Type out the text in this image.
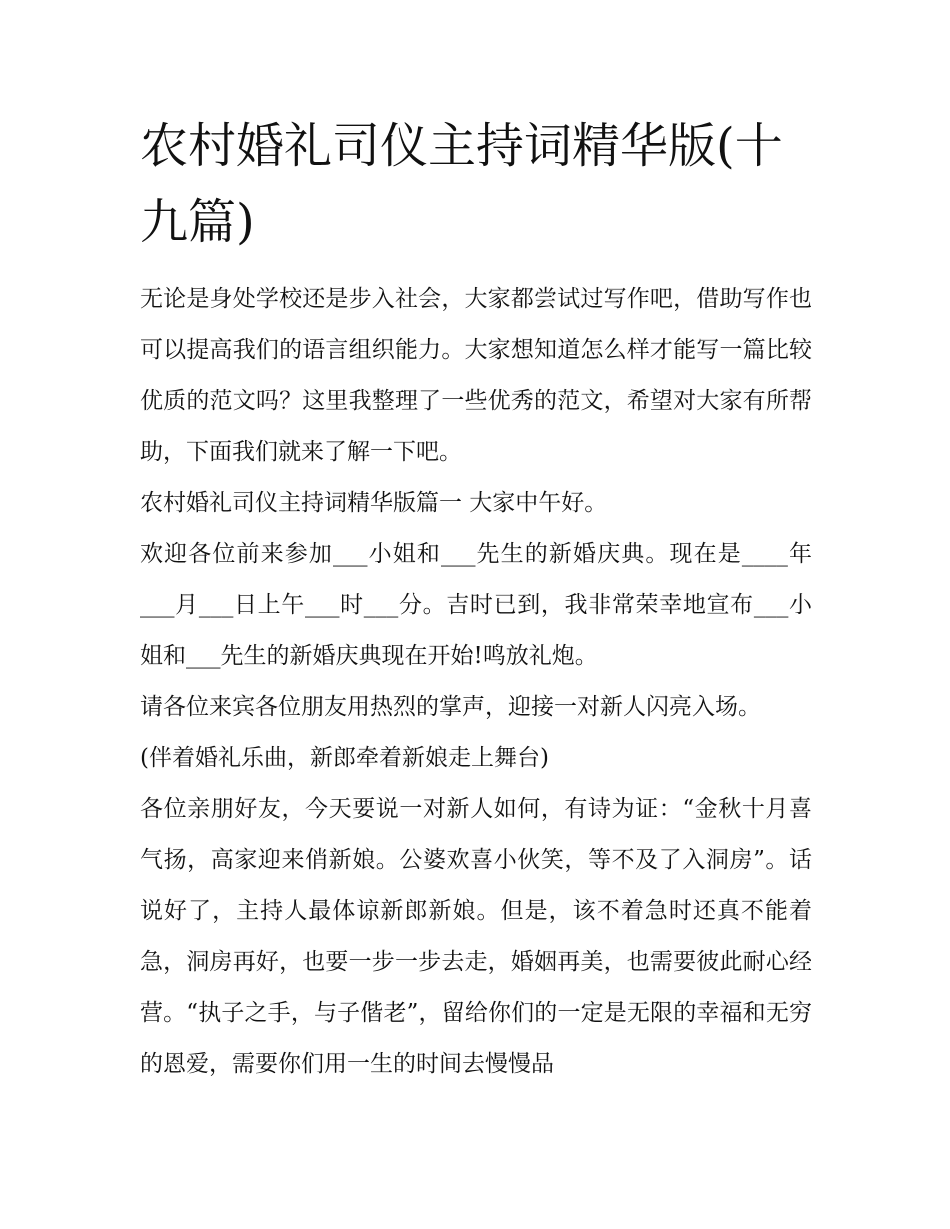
农村婚礼司仪主持词精华版(十九篇)

无论是身处学校还是步入社会，大家都尝试过写作吧，借助写作也可以提高我们的语言组织能力。大家想知道怎么样才能写一篇比较优质的范文吗？这里我整理了一些优秀的范文，希望对大家有所帮助，下面我们就来了解一下吧。

农村婚礼司仪主持词精华版篇一 大家中午好。

欢迎各位前来参加___小姐和___先生的新婚庆典。现在是____年___月___日上午___时___分。吉时已到，我非常荣幸地宣布___小姐和___先生的新婚庆典现在开始!鸣放礼炮。

请各位来宾各位朋友用热烈的掌声，迎接一对新人闪亮入场。

(伴着婚礼乐曲，新郎牵着新娘走上舞台)

各位亲朋好友，今天要说一对新人如何，有诗为证：“金秋十月喜气扬，高家迎来俏新娘。公婆欢喜小伙笑，等不及了入洞房”。话说好了，主持人最体谅新郎新娘。但是，该不着急时还真不能着急，洞房再好，也要一步一步去走，婚姻再美，也需要彼此耐心经营。“执子之手，与子偕老”，留给你们的一定是无限的幸福和无穷的恩爱，需要你们用一生的时间去慢慢品
